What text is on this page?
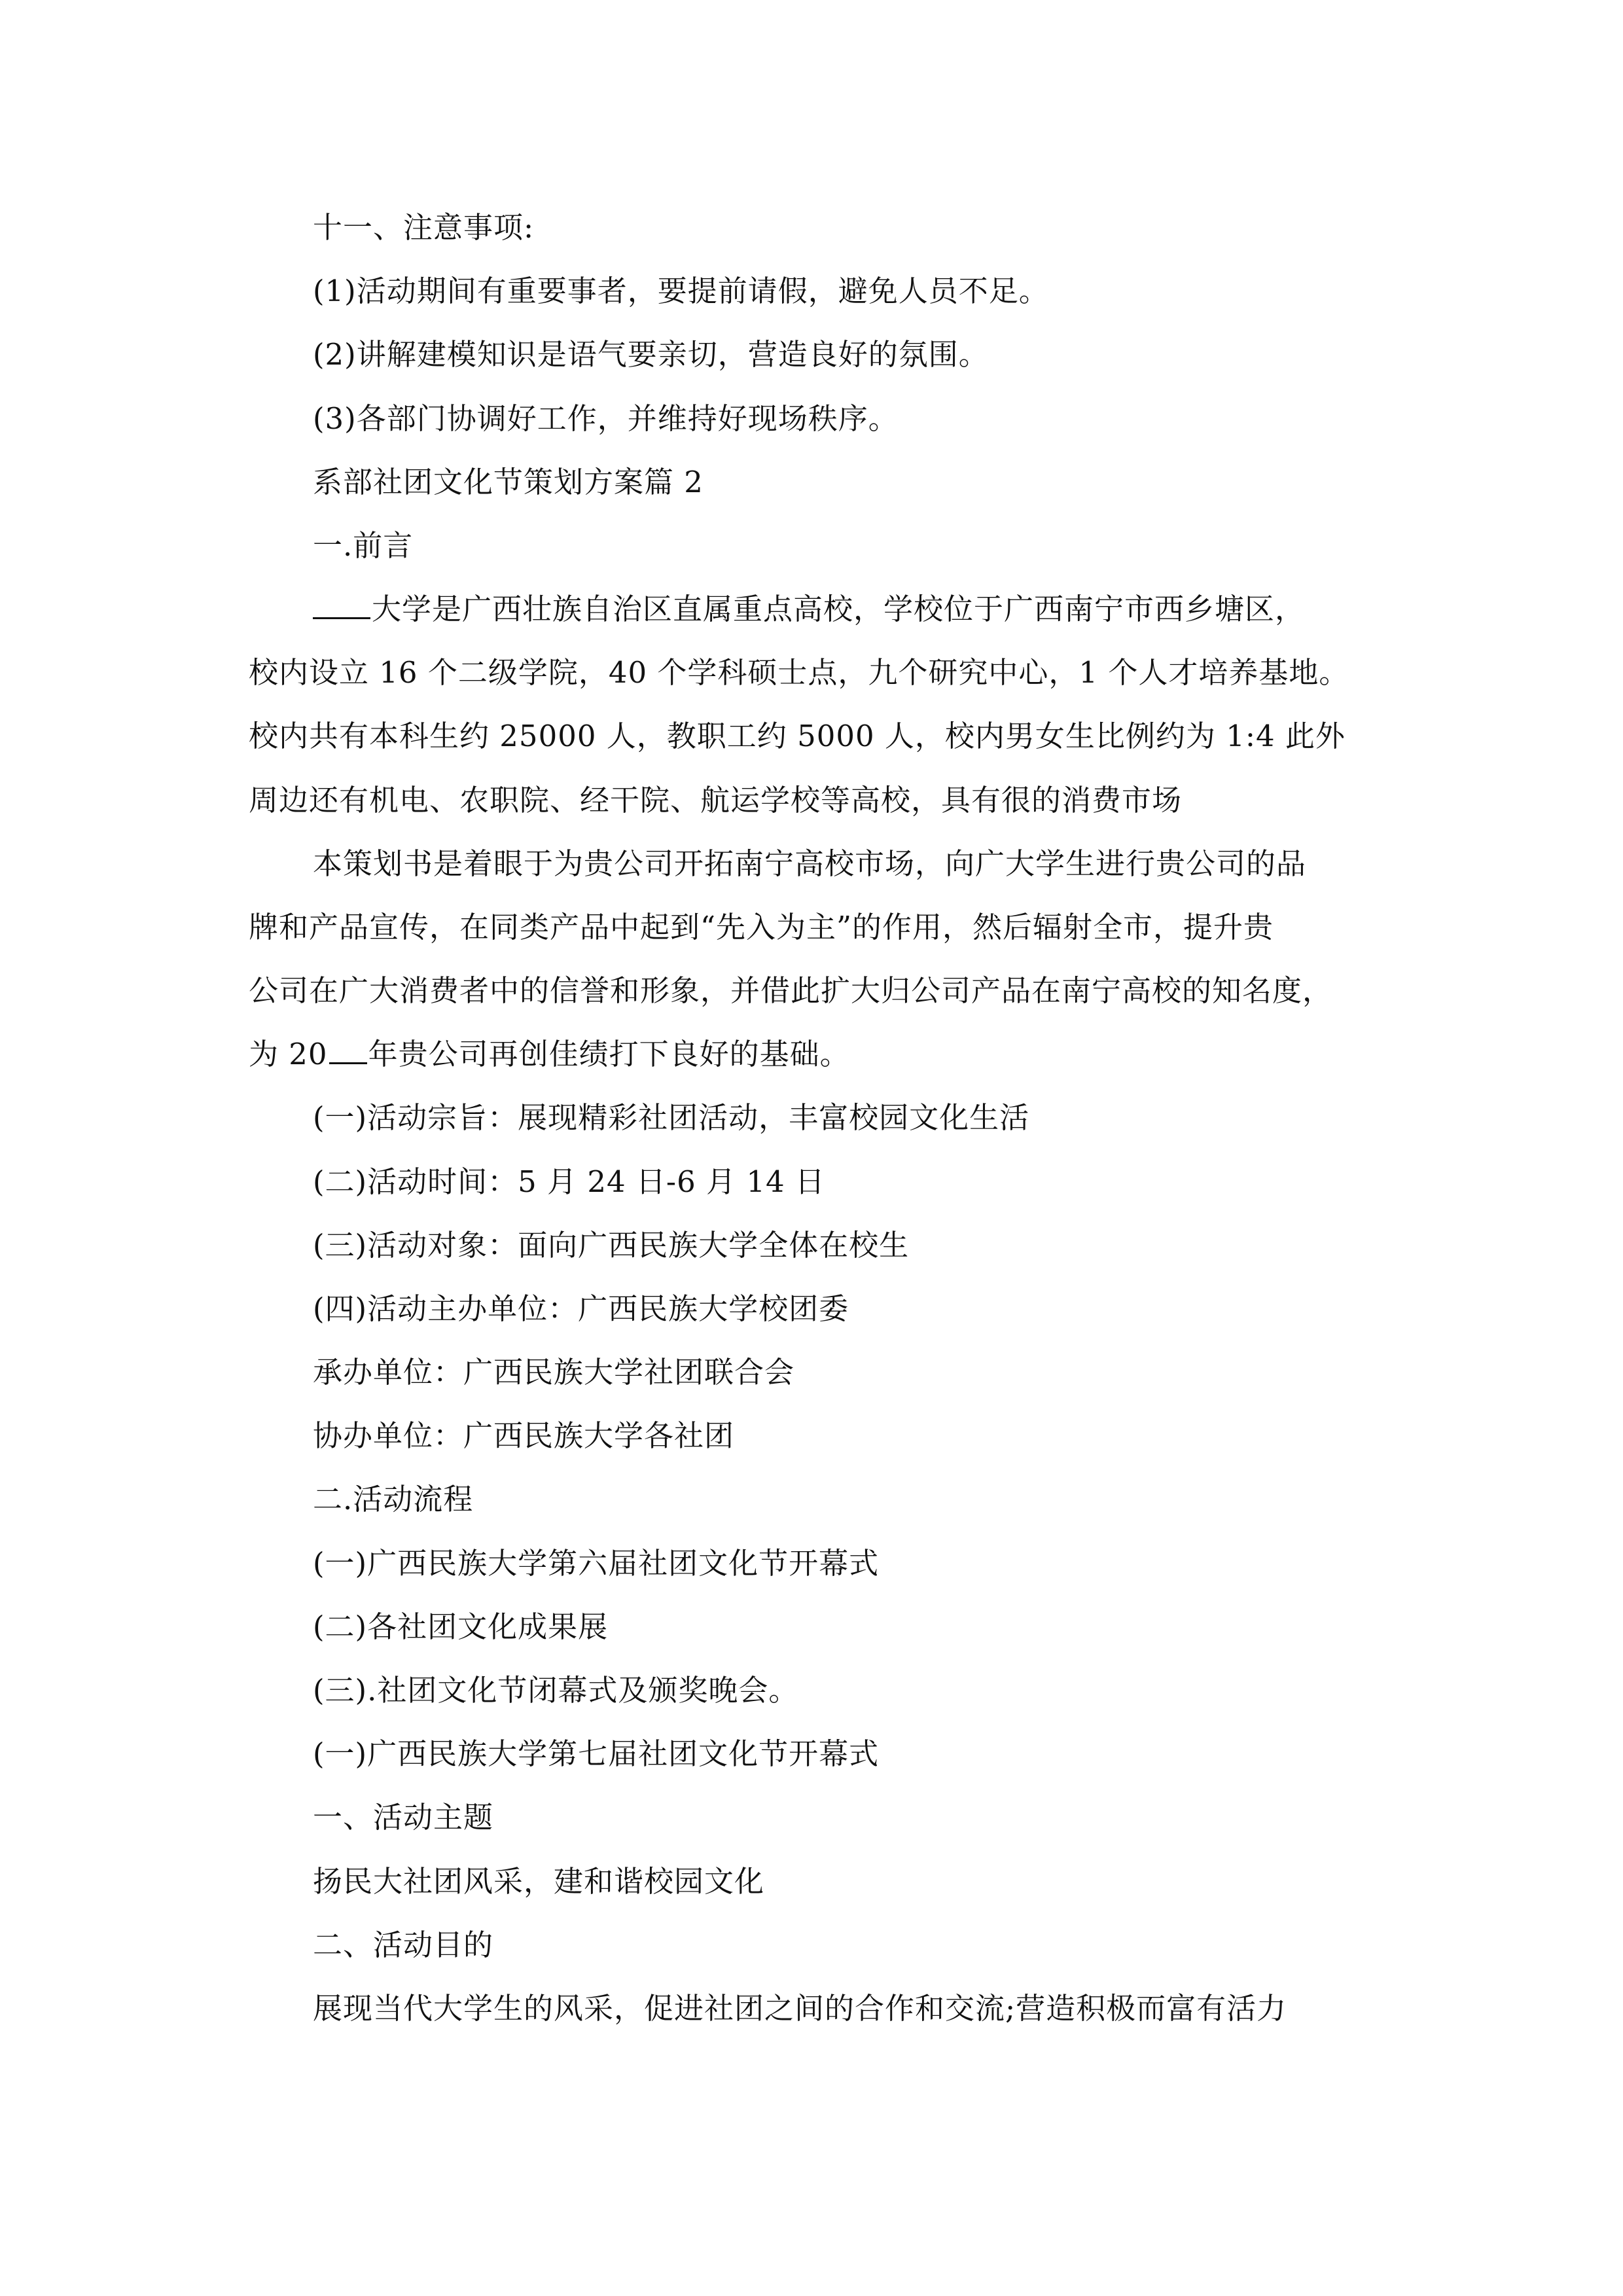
十一、注意事项:
(1)活动期间有重要事者，要提前请假，避免人员不足。
(2)讲解建模知识是语气要亲切，营造良好的氛围。
(3)各部门协调好工作，并维持好现场秩序。
系部社团文化节策划方案篇 2
一.前言
大学是广西壮族自治区直属重点高校，学校位于广西南宁市西乡塘区，
校内设立 16 个二级学院，40 个学科硕士点，九个研究中心，1 个人才培养基地。
校内共有本科生约 25000 人，教职工约 5000 人，校内男女生比例约为 1:4 此外
周边还有机电、农职院、经干院、航运学校等高校，具有很的消费市场
本策划书是着眼于为贵公司开拓南宁高校市场，向广大学生进行贵公司的品
牌和产品宣传，在同类产品中起到“先入为主”的作用，然后辐射全市，提升贵
公司在广大消费者中的信誉和形象，并借此扩大归公司产品在南宁高校的知名度，
为 20 年贵公司再创佳绩打下良好的基础。
(一)活动宗旨：展现精彩社团活动，丰富校园文化生活
(二)活动时间：5 月 24 日-6 月 14 日
(三)活动对象：面向广西民族大学全体在校生
(四)活动主办单位：广西民族大学校团委
承办单位：广西民族大学社团联合会
协办单位：广西民族大学各社团
二.活动流程
(一)广西民族大学第六届社团文化节开幕式
(二)各社团文化成果展
(三).社团文化节闭幕式及颁奖晚会。
(一)广西民族大学第七届社团文化节开幕式
一、活动主题
扬民大社团风采，建和谐校园文化
二、活动目的
展现当代大学生的风采，促进社团之间的合作和交流;营造积极而富有活力
